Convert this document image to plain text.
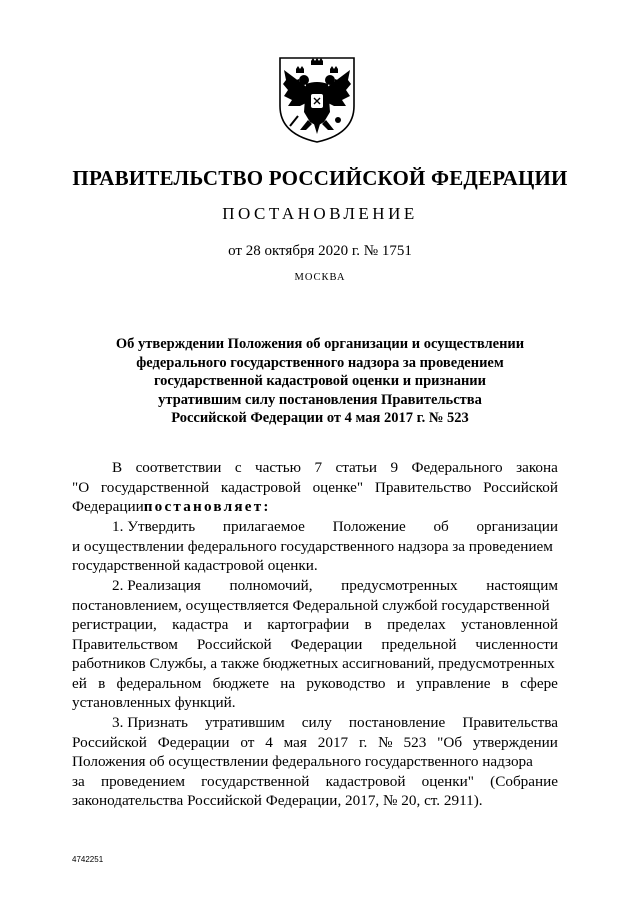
ПРАВИТЕЛЬСТВО РОССИЙСКОЙ ФЕДЕРАЦИИ
ПОСТАНОВЛЕНИЕ
от 28 октября 2020 г. № 1751
МОСКВА
Об утверждении Положения об организации и осуществлении
федерального государственного надзора за проведением
государственной кадастровой оценки и признании
утратившим силу постановления Правительства
Российской Федерации от 4 мая 2017 г. № 523
В соответствии с частью 7 статьи 9 Федерального закона
"О государственной кадастровой оценке" Правительство Российской
Федерации постановляет:
1. Утвердить прилагаемое Положение об организации
и осуществлении федерального государственного надзора за проведением
государственной кадастровой оценки.
2. Реализация полномочий, предусмотренных настоящим
постановлением, осуществляется Федеральной службой государственной
регистрации, кадастра и картографии в пределах установленной
Правительством Российской Федерации предельной численности
работников Службы, а также бюджетных ассигнований, предусмотренных
ей в федеральном бюджете на руководство и управление в сфере
установленных функций.
3. Признать утратившим силу постановление Правительства
Российской Федерации от 4 мая 2017 г. № 523 "Об утверждении
Положения об осуществлении федерального государственного надзора
за проведением государственной кадастровой оценки" (Собрание
законодательства Российской Федерации, 2017, № 20, ст. 2911).
4742251
